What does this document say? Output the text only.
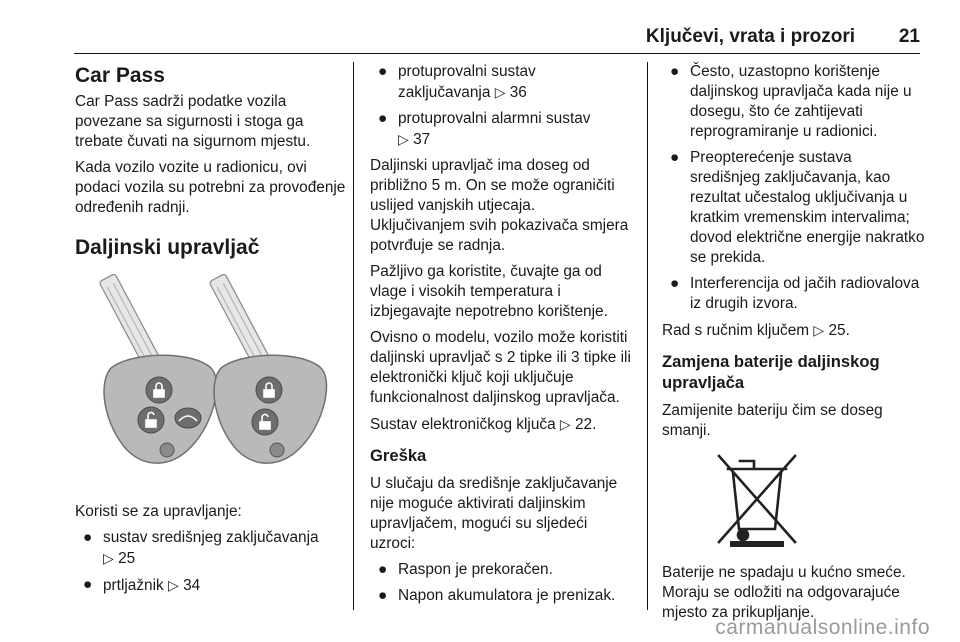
Ključevi, vrata i prozori 21
Car Pass

Car Pass sadrži podatke vozila povezane sa sigurnosti i stoga ga trebate čuvati na sigurnom mjestu.

Kada vozilo vozite u radionicu, ovi podaci vozila su potrebni za provođenje određenih radnji.

Daljinski upravljač

Koristi se za upravljanje:

● sustav središnjeg zaključavanja
▷ 25
● prtljažnik ▷ 34
● protuprovalni sustav zaključavanja ▷ 36
● protuprovalni alarmni sustav
▷ 37

Daljinski upravljač ima doseg od približno 5 m. On se može ograničiti uslijed vanjskih utjecaja. Uključivanjem svih pokazivača smjera potvrđuje se radnja.

Pažljivo ga koristite, čuvajte ga od vlage i visokih temperatura i izbjegavajte nepotrebno korištenje.

Ovisno o modelu, vozilo može koristiti daljinski upravljač s 2 tipke ili 3 tipke ili elektronički ključ koji uključuje funkcionalnost daljinskog upravljača.

Sustav elektroničkog ključa ▷ 22.

Greška

U slučaju da središnje zaključavanje nije moguće aktivirati daljinskim upravljačem, mogući su sljedeći uzroci:

● Raspon je prekoračen.
● Napon akumulatora je prenizak.
● Često, uzastopno korištenje daljinskog upravljača kada nije u dosegu, što će zahtijevati reprogramiranje u radionici.
● Preopterećenje sustava središnjeg zaključavanja, kao rezultat učestalog uključivanja u kratkim vremenskim intervalima; dovod električne energije nakratko se prekida.
● Interferencija od jačih radiovalova iz drugih izvora.

Rad s ručnim ključem ▷ 25.

Zamjena baterije daljinskog upravljača

Zamijenite bateriju čim se doseg smanji.

Baterije ne spadaju u kućno smeće. Moraju se odložiti na odgovarajuće mjesto za prikupljanje.

carmanualsonline.info
